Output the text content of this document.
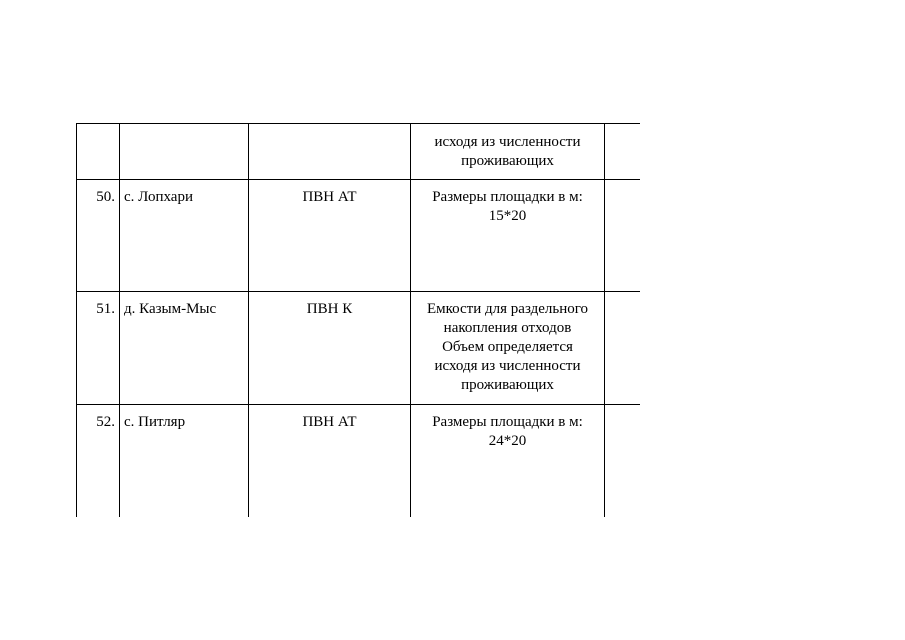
			исходя из численности
проживающих	

50.	с. Лопхари	ПВН АТ	Размеры площадки в м:
15*20	

51.	д. Казым-Мыс	ПВН К	Емкости для раздельного
накопления отходов
Объем определяется
исходя из численности
проживающих	

52.	с. Питляр	ПВН АТ	Размеры площадки в м:
24*20	
